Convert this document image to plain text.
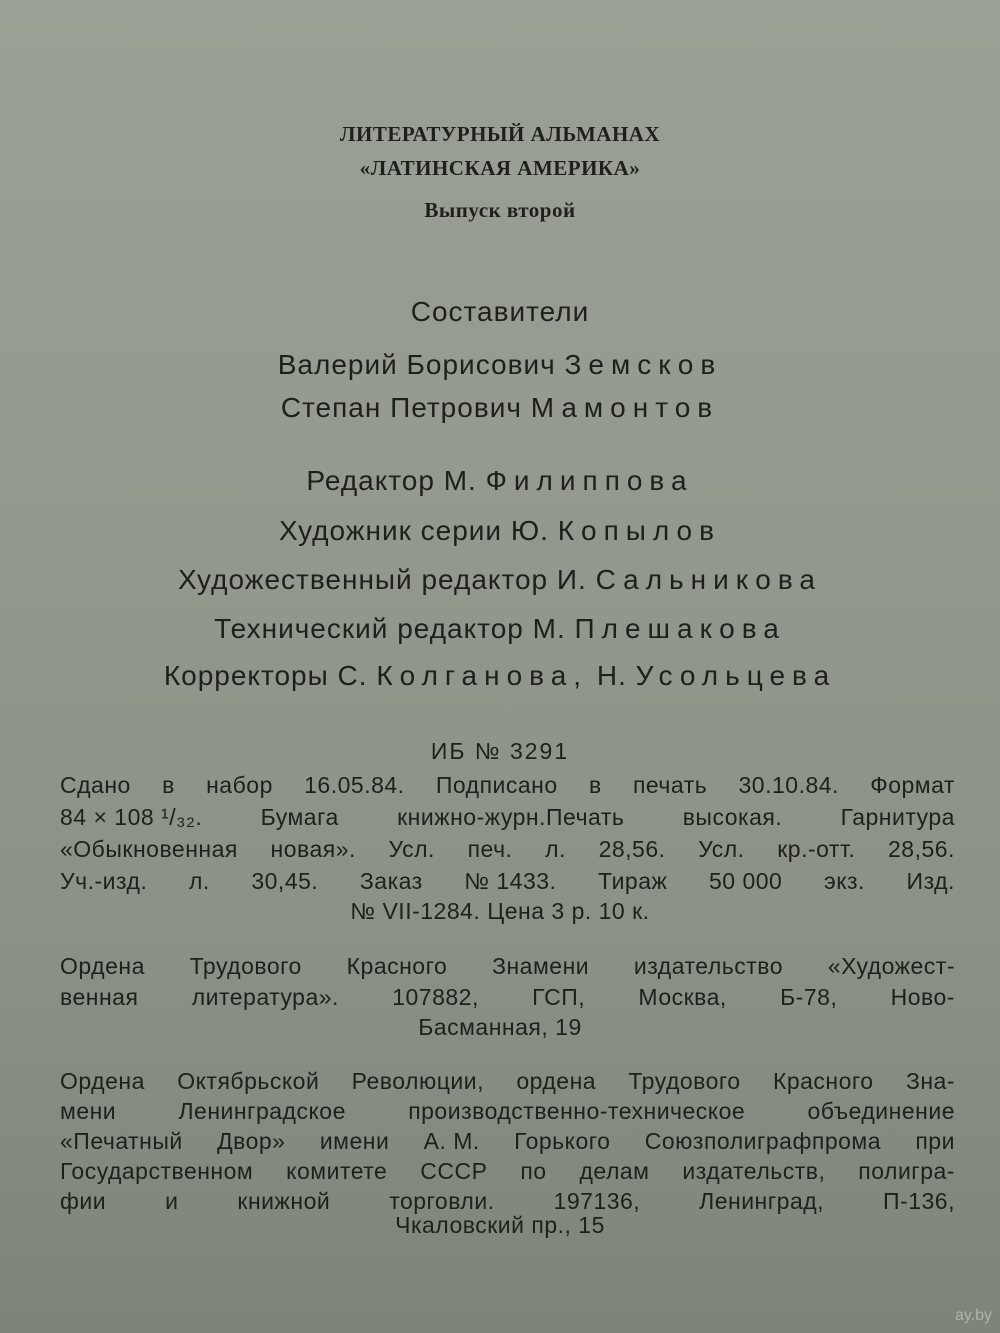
ЛИТЕРАТУРНЫЙ АЛЬМАНАХ
«ЛАТИНСКАЯ АМЕРИКА»
Выпуск второй
Составители
Валерий Борисович Земсков
Степан Петрович Мамонтов
Редактор М. Филиппова
Художник серии Ю. Копылов
Художественный редактор И. Сальникова
Технический редактор М. Плешакова
Корректоры С. Колганова, Н. Усольцева
ИБ № 3291
Сдано в набор 16.05.84. Подписано в печать 30.10.84. Формат
84 × 108 ¹/₃₂.	Бумага	книжно-журн.Печать	высокая.	Гарнитура
«Обыкновенная новая». Усл. печ. л. 28,56. Усл. кр.-отт. 28,56.
Уч.-изд. л. 30,45. Заказ № 1433. Тираж 50 000 экз. Изд.
№ VII-1284. Цена 3 р. 10 к.
Ордена Трудового Красного Знамени издательство «Художест-
венная литература». 107882, ГСП, Москва, Б-78, Ново-
Басманная, 19
Ордена Октябрьской Революции, ордена Трудового Красного Зна-
мени	Ленинградское	производственно-техническое	объединение
«Печатный Двор» имени А. М. Горького Союзполиграфпрома при
Государственном комитете СССР по делам издательств, полигра-
фии	и	книжной	торговли.	197136,	Ленинград,	П-136,
Чкаловский пр., 15
ay.by
